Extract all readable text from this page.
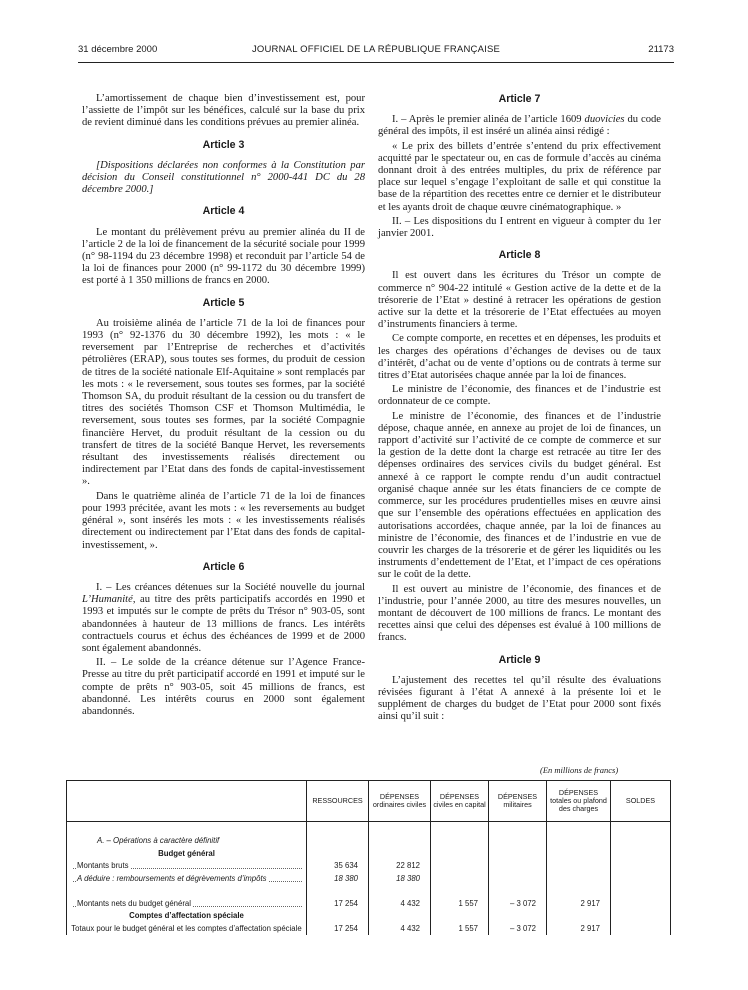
31 décembre 2000	JOURNAL OFFICIEL DE LA RÉPUBLIQUE FRANÇAISE	21173

L’amortissement de chaque bien d’investissement est, pour l’assiette de l’impôt sur les bénéfices, calculé sur la base du prix de revient diminué dans les conditions prévues au premier alinéa.

Article 3

[Dispositions déclarées non conformes à la Constitution par décision du Conseil constitutionnel n° 2000-441 DC du 28 décembre 2000.]

Article 4

Le montant du prélèvement prévu au premier alinéa du II de l’article 2 de la loi de financement de la sécurité sociale pour 1999 (n° 98-1194 du 23 décembre 1998) et reconduit par l’article 54 de la loi de finances pour 2000 (n° 99-1172 du 30 décembre 1999) est porté à 1 350 millions de francs en 2000.

Article 5

Au troisième alinéa de l’article 71 de la loi de finances pour 1993 (n° 92-1376 du 30 décembre 1992), les mots : « le reversement par l’Entreprise de recherches et d’activités pétrolières (ERAP), sous toutes ses formes, du produit de cession de titres de la société nationale Elf-Aquitaine » sont remplacés par les mots : « le reversement, sous toutes ses formes, par la société Thomson SA, du produit résultant de la cession ou du transfert de titres des sociétés Thomson CSF et Thomson Multimédia, le reversement, sous toutes ses formes, par la société Compagnie financière Hervet, du produit résultant de la cession ou du transfert de titres de la société Banque Hervet, les reversements résultant des investissements réalisés directement ou indirectement par l’Etat dans des fonds de capital-investissement ».

Dans le quatrième alinéa de l’article 71 de la loi de finances pour 1993 précitée, avant les mots : « les reversements au budget général », sont insérés les mots : « les investissements réalisés directement ou indirectement par l’Etat dans des fonds de capital-investissement, ».

Article 6

I. – Les créances détenues sur la Société nouvelle du journal L’Humanité, au titre des prêts participatifs accordés en 1990 et 1993 et imputés sur le compte de prêts du Trésor n° 903-05, sont abandonnées à hauteur de 13 millions de francs. Les intérêts contractuels courus et échus des échéances de 1999 et de 2000 sont également abandonnés.

II. – Le solde de la créance détenue sur l’Agence France-Presse au titre du prêt participatif accordé en 1991 et imputé sur le compte de prêts n° 903-05, soit 45 millions de francs, est abandonné. Les intérêts courus en 2000 sont également abandonnés.

Article 7

I. – Après le premier alinéa de l’article 1609 duovicies du code général des impôts, il est inséré un alinéa ainsi rédigé :

« Le prix des billets d’entrée s’entend du prix effectivement acquitté par le spectateur ou, en cas de formule d’accès au cinéma donnant droit à des entrées multiples, du prix de référence par place sur lequel s’engage l’exploitant de salle et qui constitue la base de la répartition des recettes entre ce dernier et le distributeur et les ayants droit de chaque œuvre cinématographique. »

II. – Les dispositions du I entrent en vigueur à compter du 1er janvier 2001.

Article 8

Il est ouvert dans les écritures du Trésor un compte de commerce n° 904-22 intitulé « Gestion active de la dette et de la trésorerie de l’Etat » destiné à retracer les opérations de gestion active sur la dette et la trésorerie de l’Etat effectuées au moyen d’instruments financiers à terme.

Ce compte comporte, en recettes et en dépenses, les produits et les charges des opérations d’échanges de devises ou de taux d’intérêt, d’achat ou de vente d’options ou de contrats à terme sur titres d’Etat autorisées chaque année par la loi de finances.

Le ministre de l’économie, des finances et de l’industrie est ordonnateur de ce compte.

Le ministre de l’économie, des finances et de l’industrie dépose, chaque année, en annexe au projet de loi de finances, un rapport d’activité sur l’activité de ce compte de commerce et sur la gestion de la dette dont la charge est retracée au titre Ier des dépenses ordinaires des services civils du budget général. Est annexé à ce rapport le compte rendu d’un audit contractuel organisé chaque année sur les états financiers de ce compte de commerce, sur les procédures prudentielles mises en œuvre ainsi que sur l’ensemble des opérations effectuées en application des autorisations accordées, chaque année, par la loi de finances au ministre de l’économie, des finances et de l’industrie en vue de couvrir les charges de la trésorerie et de gérer les liquidités ou les instruments d’endettement de l’Etat, et l’impact de ces opérations sur le coût de la dette.

Il est ouvert au ministre de l’économie, des finances et de l’industrie, pour l’année 2000, au titre des mesures nouvelles, un montant de découvert de 100 millions de francs. Le montant des recettes ainsi que celui des dépenses est évalué à 100 millions de francs.

Article 9

L’ajustement des recettes tel qu’il résulte des évaluations révisées figurant à l’état A annexé à la présente loi et le supplément de charges du budget de l’Etat pour 2000 sont fixés ainsi qu’il suit :

(En millions de francs)
	RESSOURCES	DÉPENSES ordinaires civiles	DÉPENSES civiles en capital	DÉPENSES militaires	DÉPENSES totales ou plafond des charges	SOLDES

A. – Opérations à caractère définitif						
Budget général						
Montants bruts	35 634	22 812				
A déduire : remboursements et dégrèvements d’impôts	18 380	18 380				

Montants nets du budget général	17 254	4 432	1 557	– 3 072	2 917	
Comptes d’affectation spéciale						
Totaux pour le budget général et les comptes d’affectation spéciale	17 254	4 432	1 557	– 3 072	2 917	
